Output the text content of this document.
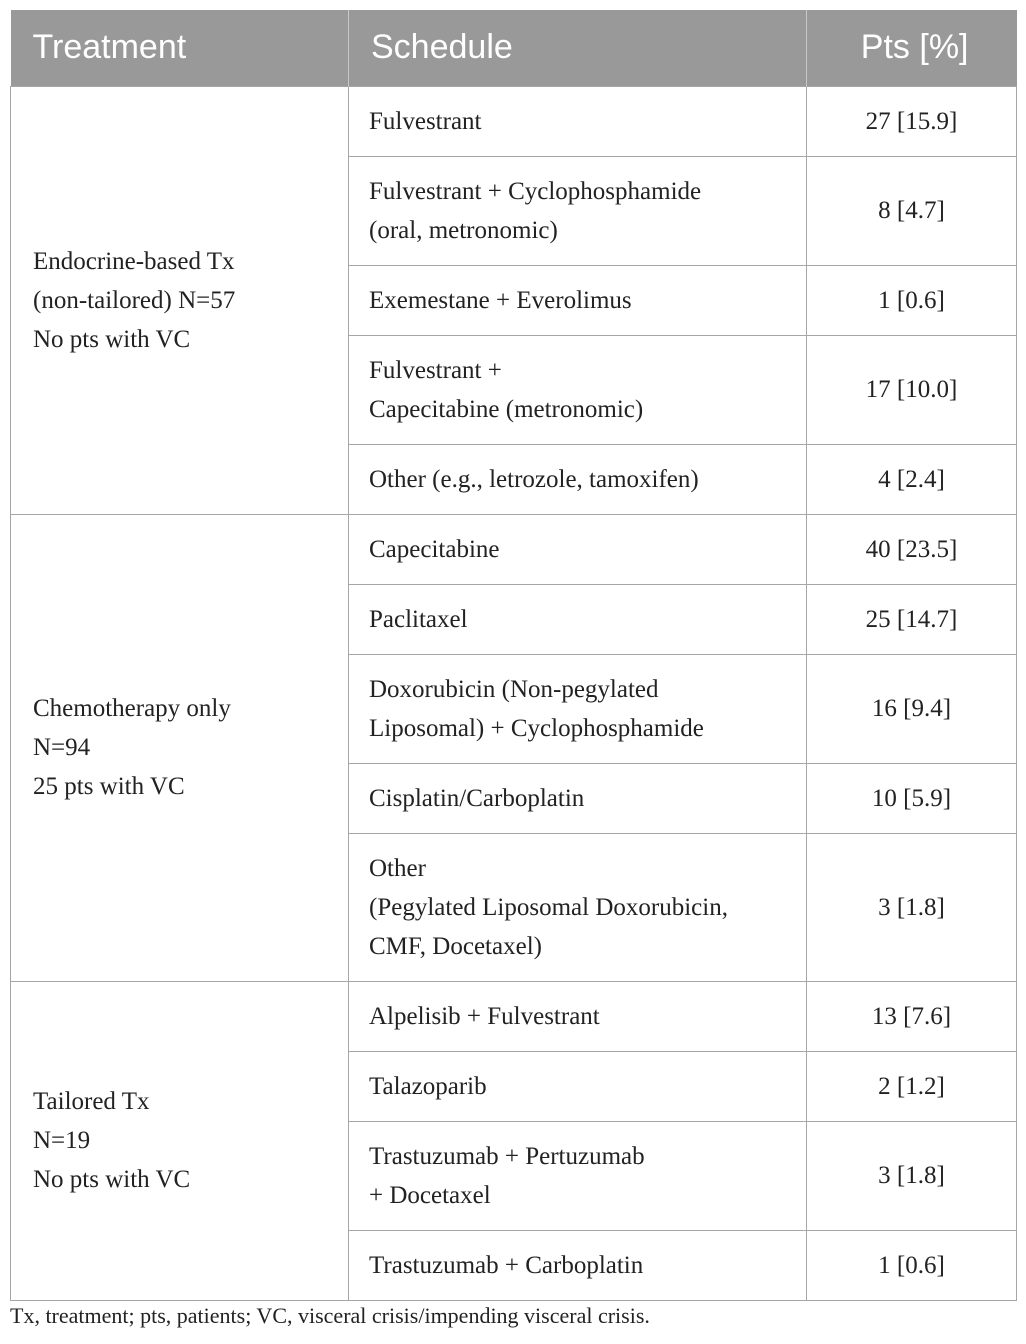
Treatment	Schedule	Pts [%]

Endocrine-based Tx
(non-tailored) N=57
No pts with VC	Fulvestrant	27 [15.9]

	Fulvestrant + Cyclophosphamide
(oral, metronomic)	8 [4.7]

	Exemestane + Everolimus	1 [0.6]

	Fulvestrant +
Capecitabine (metronomic)	17 [10.0]

	Other (e.g., letrozole, tamoxifen)	4 [2.4]

Chemotherapy only
N=94
25 pts with VC	Capecitabine	40 [23.5]

	Paclitaxel	25 [14.7]

	Doxorubicin (Non-pegylated
Liposomal) + Cyclophosphamide	16 [9.4]

	Cisplatin/Carboplatin	10 [5.9]

	Other
(Pegylated Liposomal Doxorubicin,
CMF, Docetaxel)	3 [1.8]

Tailored Tx
N=19
No pts with VC	Alpelisib + Fulvestrant	13 [7.6]

	Talazoparib	2 [1.2]

	Trastuzumab + Pertuzumab
+ Docetaxel	3 [1.8]

	Trastuzumab + Carboplatin	1 [0.6]
Tx, treatment; pts, patients; VC, visceral crisis/impending visceral crisis.
